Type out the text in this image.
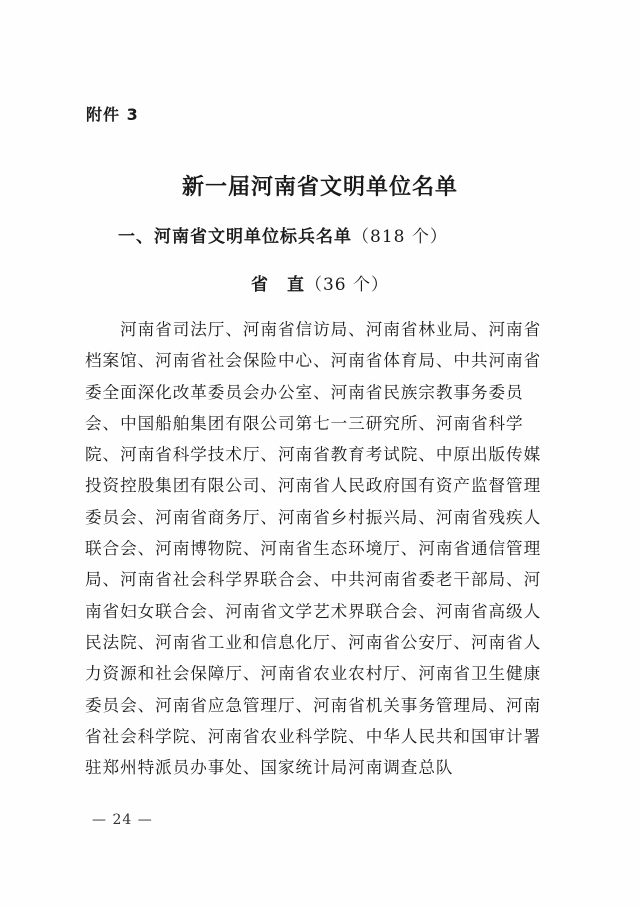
附件 3
新一届河南省文明单位名单
一、河南省文明单位标兵名单（818 个）
省　直（36 个）
　　河南省司法厅、河南省信访局、河南省林业局、河南省
档案馆、河南省社会保险中心、河南省体育局、中共河南省
委全面深化改革委员会办公室、河南省民族宗教事务委员
会、中国船舶集团有限公司第七一三研究所、河南省科学
院、河南省科学技术厅、河南省教育考试院、中原出版传媒
投资控股集团有限公司、河南省人民政府国有资产监督管理
委员会、河南省商务厅、河南省乡村振兴局、河南省残疾人
联合会、河南博物院、河南省生态环境厅、河南省通信管理
局、河南省社会科学界联合会、中共河南省委老干部局、河
南省妇女联合会、河南省文学艺术界联合会、河南省高级人
民法院、河南省工业和信息化厅、河南省公安厅、河南省人
力资源和社会保障厅、河南省农业农村厅、河南省卫生健康
委员会、河南省应急管理厅、河南省机关事务管理局、河南
省社会科学院、河南省农业科学院、中华人民共和国审计署
驻郑州特派员办事处、国家统计局河南调查总队
— 24 —
